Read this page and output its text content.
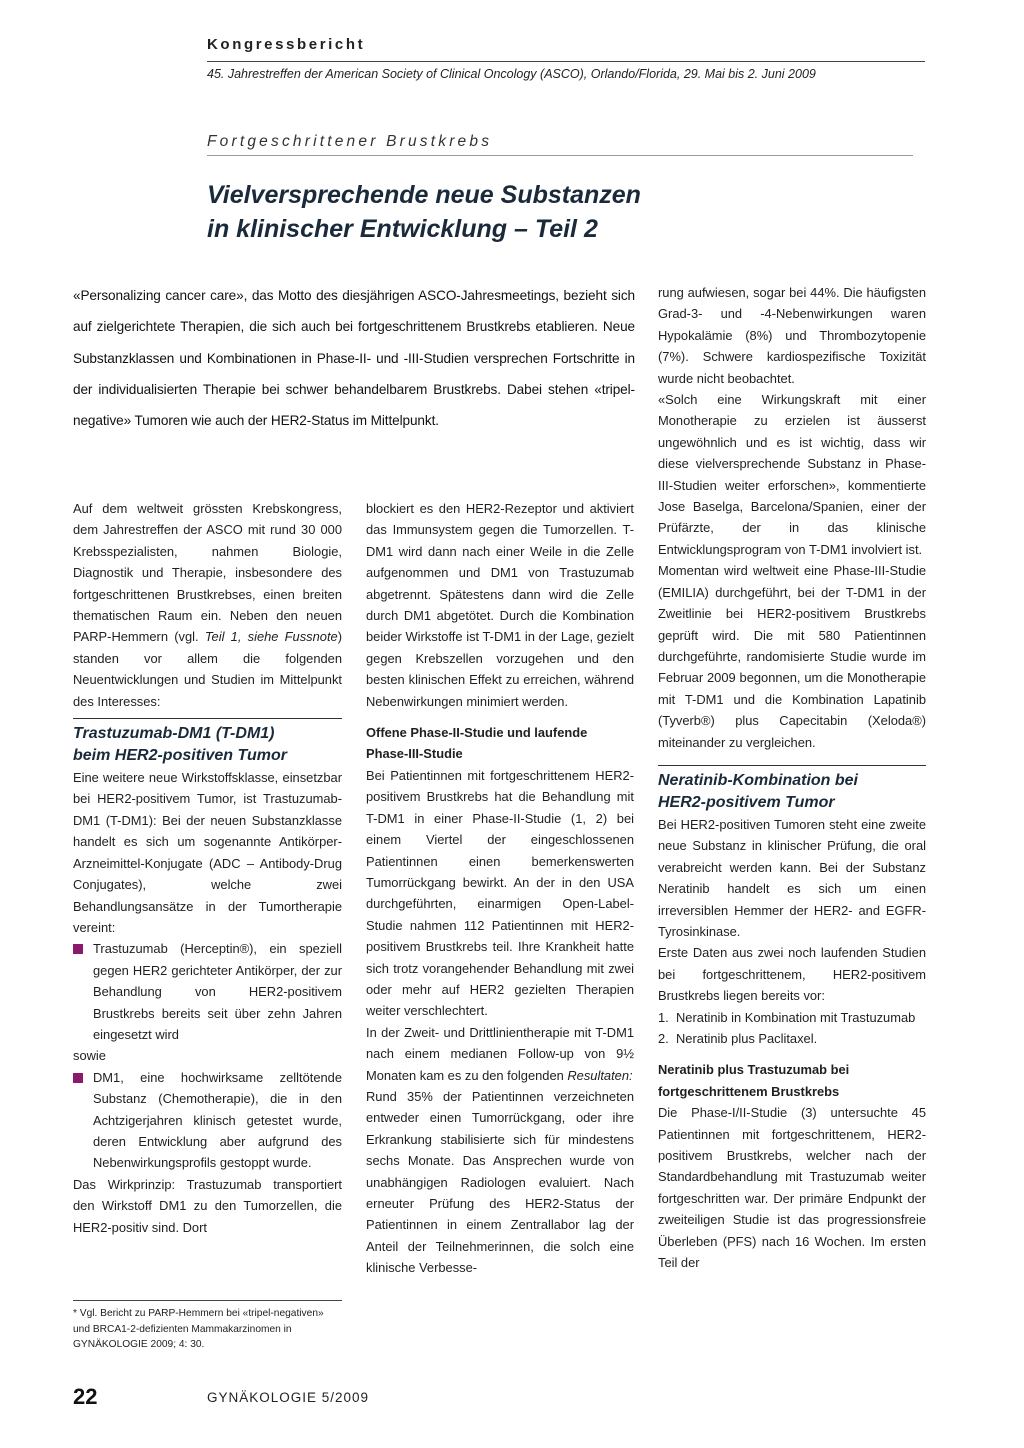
Kongressbericht
45. Jahrestreffen der American Society of Clinical Oncology (ASCO), Orlando/Florida, 29. Mai bis 2. Juni 2009
Fortgeschrittener Brustkrebs
Vielversprechende neue Substanzen
in klinischer Entwicklung – Teil 2
«Personalizing cancer care», das Motto des diesjährigen ASCO-Jahresmeetings, bezieht sich auf zielgerichtete Therapien, die sich auch bei fortgeschrittenem Brustkrebs etablieren. Neue Substanzklassen und Kombinationen in Phase-II- und -III-Studien versprechen Fortschritte in der individualisierten Therapie bei schwer behandelbarem Brustkrebs. Dabei stehen «tripel-negative» Tumoren wie auch der HER2-Status im Mittelpunkt.

Auf dem weltweit grössten Krebskongress, dem Jahrestreffen der ASCO mit rund 30 000 Krebsspezialisten, nahmen Biologie, Diagnostik und Therapie, insbesondere des fortgeschrittenen Brustkrebses, einen breiten thematischen Raum ein. Neben den neuen PARP-Hemmern (vgl. Teil 1, siehe Fussnote) standen vor allem die folgenden Neuentwicklungen und Studien im Mittelpunkt des Interesses:

Trastuzumab-DM1 (T-DM1)
beim HER2-positiven Tumor

Eine weitere neue Wirkstoffsklasse, einsetzbar bei HER2-positivem Tumor, ist Trastuzumab-DM1 (T-DM1): Bei der neuen Substanzklasse handelt es sich um sogenannte Antikörper-Arzneimittel-Konjugate (ADC – Antibody-Drug Conjugates), welche zwei Behandlungsansätze in der Tumortherapie vereint:

Trastuzumab (Herceptin®), ein speziell gegen HER2 gerichteter Antikörper, der zur Behandlung von HER2-positivem Brustkrebs bereits seit über zehn Jahren eingesetzt wird

sowie

DM1, eine hochwirksame zelltötende Substanz (Chemotherapie), die in den Achtzigerjahren klinisch getestet wurde, deren Entwicklung aber aufgrund des Nebenwirkungsprofils gestoppt wurde.

Das Wirkprinzip: Trastuzumab transportiert den Wirkstoff DM1 zu den Tumorzellen, die HER2-positiv sind. Dort

blockiert es den HER2-Rezeptor und aktiviert das Immunsystem gegen die Tumorzellen. T-DM1 wird dann nach einer Weile in die Zelle aufgenommen und DM1 von Trastuzumab abgetrennt. Spätestens dann wird die Zelle durch DM1 abgetötet. Durch die Kombination beider Wirkstoffe ist T-DM1 in der Lage, gezielt gegen Krebszellen vorzugehen und den besten klinischen Effekt zu erreichen, während Nebenwirkungen minimiert werden.

Offene Phase-II-Studie und laufende
Phase-III-Studie

Bei Patientinnen mit fortgeschrittenem HER2-positivem Brustkrebs hat die Behandlung mit T-DM1 in einer Phase-II-Studie (1, 2) bei einem Viertel der eingeschlossenen Patientinnen einen bemerkenswerten Tumorrückgang bewirkt. An der in den USA durchgeführten, einarmigen Open-Label-Studie nahmen 112 Patientinnen mit HER2-positivem Brustkrebs teil. Ihre Krankheit hatte sich trotz vorangehender Behandlung mit zwei oder mehr auf HER2 gezielten Therapien weiter verschlechtert.

In der Zweit- und Drittlinientherapie mit T-DM1 nach einem medianen Follow-up von 9½ Monaten kam es zu den folgenden Resultaten:

Rund 35% der Patientinnen verzeichneten entweder einen Tumorrückgang, oder ihre Erkrankung stabilisierte sich für mindestens sechs Monate. Das Ansprechen wurde von unabhängigen Radiologen evaluiert. Nach erneuter Prüfung des HER2-Status der Patientinnen in einem Zentrallabor lag der Anteil der Teilnehmerinnen, die solch eine klinische Verbesse-

rung aufwiesen, sogar bei 44%. Die häufigsten Grad-3- und -4-Nebenwirkungen waren Hypokalämie (8%) und Thrombozytopenie (7%). Schwere kardiospezifische Toxizität wurde nicht beobachtet.

«Solch eine Wirkungskraft mit einer Monotherapie zu erzielen ist äusserst ungewöhnlich und es ist wichtig, dass wir diese vielversprechende Substanz in Phase-III-Studien weiter erforschen», kommentierte Jose Baselga, Barcelona/Spanien, einer der Prüfärzte, der in das klinische Entwicklungsprogram von T-DM1 involviert ist.

Momentan wird weltweit eine Phase-III-Studie (EMILIA) durchgeführt, bei der T-DM1 in der Zweitlinie bei HER2-positivem Brustkrebs geprüft wird. Die mit 580 Patientinnen durchgeführte, randomisierte Studie wurde im Februar 2009 begonnen, um die Monotherapie mit T-DM1 und die Kombination Lapatinib (Tyverb®) plus Capecitabin (Xeloda®) miteinander zu vergleichen.

Neratinib-Kombination bei
HER2-positivem Tumor

Bei HER2-positiven Tumoren steht eine zweite neue Substanz in klinischer Prüfung, die oral verabreicht werden kann. Bei der Substanz Neratinib handelt es sich um einen irreversiblen Hemmer der HER2- and EGFR-Tyrosinkinase.

Erste Daten aus zwei noch laufenden Studien bei fortgeschrittenem, HER2-positivem Brustkrebs liegen bereits vor:

1. Neratinib in Kombination mit Trastuzumab
2. Neratinib plus Paclitaxel.
Neratinib plus Trastuzumab bei
fortgeschrittenem Brustkrebs

Die Phase-I/II-Studie (3) untersuchte 45 Patientinnen mit fortgeschrittenem, HER2-positivem Brustkrebs, welcher nach der Standardbehandlung mit Trastuzumab weiter fortgeschritten war. Der primäre Endpunkt der zweiteiligen Studie ist das progressionsfreie Überleben (PFS) nach 16 Wochen. Im ersten Teil der

* Vgl. Bericht zu PARP-Hemmern bei «tripel-negativen» und BRCA1-2-defizienten Mammakarzinomen in GYNÄKOLOGIE 2009; 4: 30.
22	GYNÄKOLOGIE 5/2009
